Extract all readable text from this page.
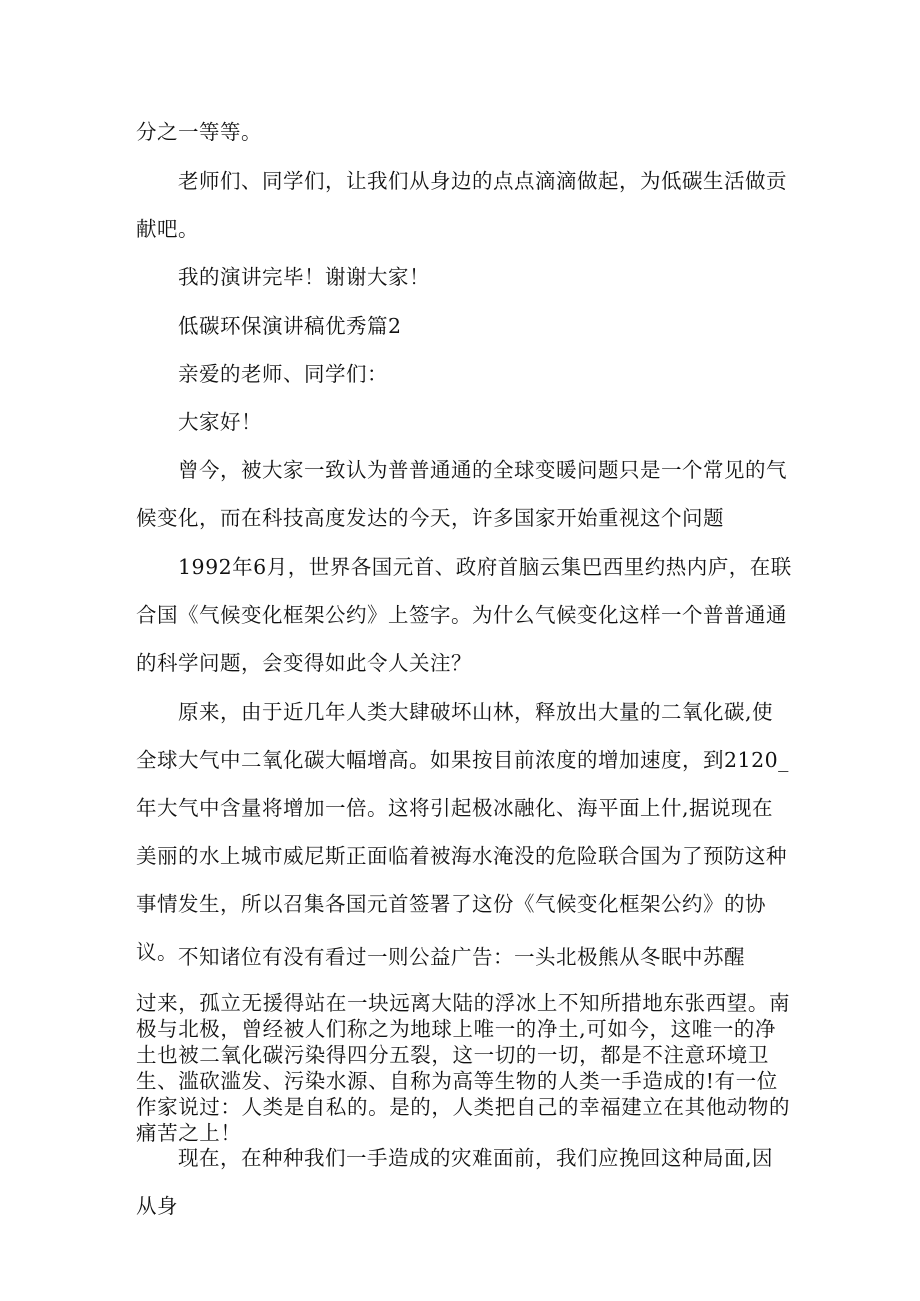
分之一等等。

老师们、同学们，让我们从身边的点点滴滴做起，为低碳生活做贡献吧。

我的演讲完毕！谢谢大家！

低碳环保演讲稿优秀篇2

亲爱的老师、同学们：

大家好！

曾今，被大家一致认为普普通通的全球变暖问题只是一个常见的气候变化，而在科技高度发达的今天，许多国家开始重视这个问题

1992年6月，世界各国元首、政府首脑云集巴西里约热内庐，在联合国《气候变化框架公约》上签字。为什么气候变化这样一个普普通通的科学问题，会变得如此令人关注？

原来，由于近几年人类大肆破坏山林，释放出大量的二氧化碳,使全球大气中二氧化碳大幅增高。如果按目前浓度的增加速度，到2120_年大气中含量将增加一倍。这将引起极冰融化、海平面上什,据说现在美丽的水上城市威尼斯正面临着被海水淹没的危险联合国为了预防这种事情发生，所以召集各国元首签署了这份《气候变化框架公约》的协议。 不知诸位有没有看过一则公益广告：一头北极熊从冬眠中苏醒

过来，孤立无援得站在一块远离大陆的浮冰上不知所措地东张西望。南极与北极，曾经被人们称之为地球上唯一的净土,可如今，这唯一的净土也被二氧化碳污染得四分五裂，这一切的一切，都是不注意环境卫生、滥砍滥发、污染水源、自称为高等生物的人类一手造成的!有一位作家说过：人类是自私的。是的，人类把自己的幸福建立在其他动物的痛苦之上！

现在，在种种我们一手造成的灾难面前，我们应挽回这种局面,因从身
